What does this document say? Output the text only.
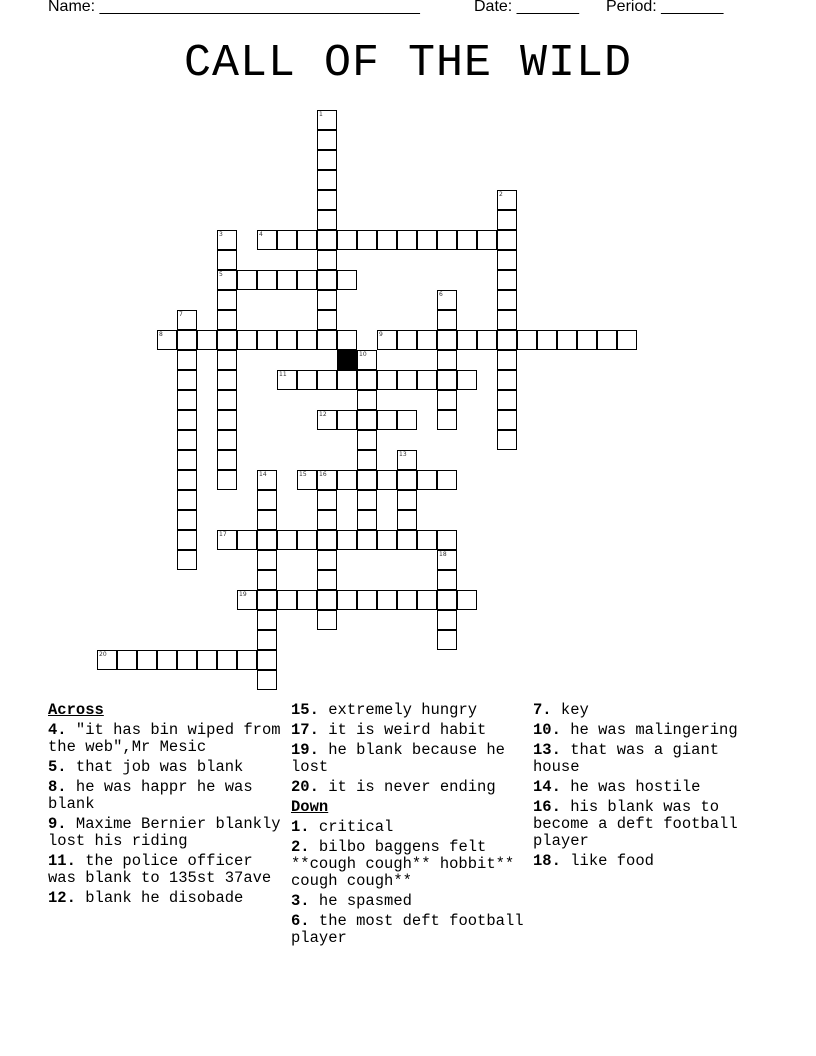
Name: ____________________________________	Date: _______ Period: _______
CALL OF THE WILD
4
5
8	9
11
12
15
17
19
20
1
2
3
6
7
10
13
14	16
18
Across
4. "it has bin wiped from the web",Mr Mesic
5. that job was blank
8. he was happr he was blank
9. Maxime Bernier blankly lost his riding
11. the police officer was blank to 135st 37ave
12. blank he disobade
15. extremely hungry
17. it is weird habit
19. he blank because he lost
20. it is never ending
Down
1. critical
2. bilbo baggens felt **cough cough** hobbit** cough cough**
3. he spasmed
6. the most deft football player
7. key
10. he was malingering
13. that was a giant house
14. he was hostile
16. his blank was to become a deft football player
18. like food
